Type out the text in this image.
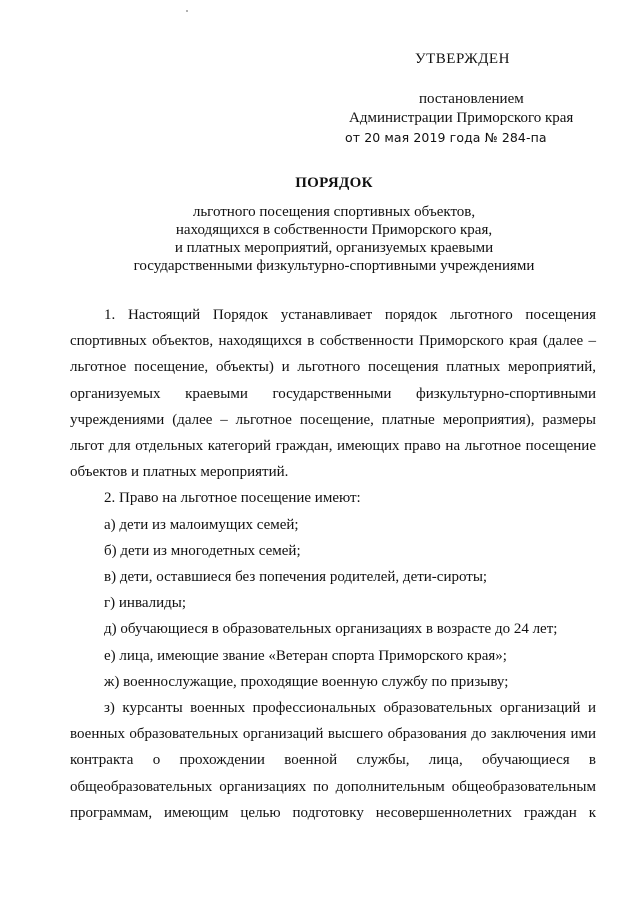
УТВЕРЖДЕН
постановлением
Администрации Приморского края
от 20 мая 2019 года № 284-па
ПОРЯДОК
льготного посещения спортивных объектов,
находящихся в собственности Приморского края,
и платных мероприятий, организуемых краевыми
государственными физкультурно-спортивными учреждениями

1. Настоящий Порядок устанавливает порядок льготного посещения спортивных объектов, находящихся в собственности Приморского края (далее – льготное посещение, объекты) и льготного посещения платных мероприятий, организуемых краевыми государственными физкультурно-спортивными учреждениями (далее – льготное посещение, платные мероприятия), размеры льгот для отдельных категорий граждан, имеющих право на льготное посещение объектов и платных мероприятий.

2. Право на льготное посещение имеют:

а) дети из малоимущих семей;

б) дети из многодетных семей;

в) дети, оставшиеся без попечения родителей, дети-сироты;

г) инвалиды;

д) обучающиеся в образовательных организациях в возрасте до 24 лет;

е) лица, имеющие звание «Ветеран спорта Приморского края»;

ж) военнослужащие, проходящие военную службу по призыву;

з) курсанты военных профессиональных образовательных организаций и военных образовательных организаций высшего образования до заключения ими контракта о прохождении военной службы, лица, обучающиеся в общеобразовательных организациях по дополнительным общеобразовательным программам, имеющим целью подготовку несовершеннолетних граждан к
